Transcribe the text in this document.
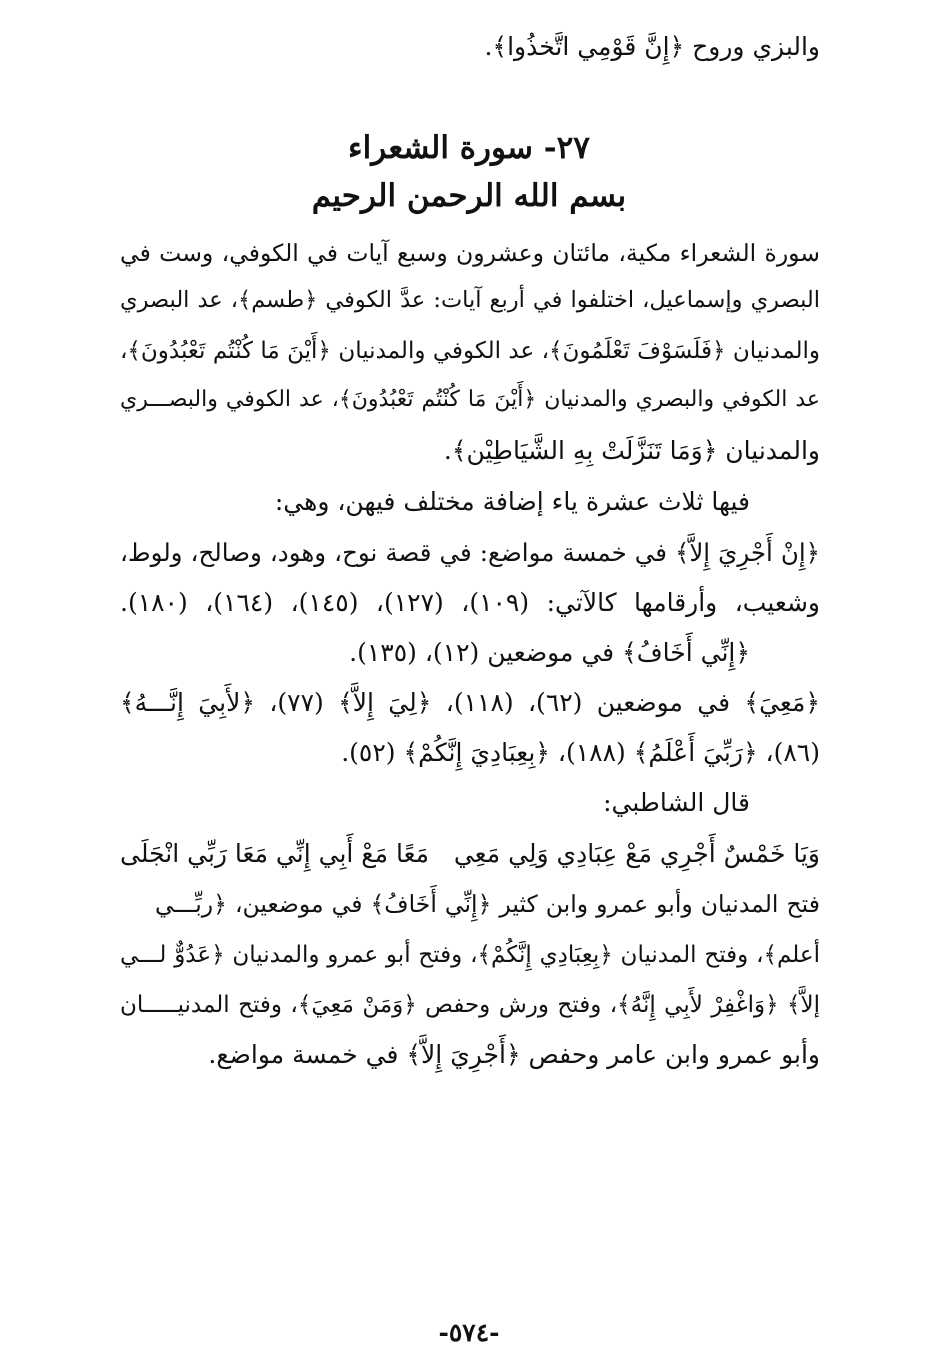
والبزي وروح ﴿إِنَّ قَوْمِي اتَّخذُوا﴾.
٢٧- سورة الشعراء
بسم الله الرحمن الرحيم
سورة الشعراء مكية، مائتان وعشرون وسبع آيات في الكوفي، وست في
البصري وإسماعيل، اختلفوا في أربع آيات: عدَّ الكوفي ﴿طسم﴾، عد البصري
والمدنيان ﴿فَلَسَوْفَ تَعْلَمُونَ﴾، عد الكوفي والمدنيان ﴿أَيْنَ مَا كُنْتُم تَعْبُدُونَ﴾،
عد الكوفي والبصري والمدنيان ﴿أَيْنَ مَا كُنْتُم تَعْبُدُونَ﴾، عد الكوفي والبصـــري
والمدنيان ﴿وَمَا تَنَزَّلَتْ بِهِ الشَّيَاطِيْن﴾.
فيها ثلاث عشرة ياء إضافة مختلف فيهن، وهي:
﴿إِنْ أَجْرِيَ إِلاَّ﴾ في خمسة مواضع: في قصة نوح، وهود، وصالح، ولوط،
وشعيب، وأرقامها كالآتي: (١٠٩)، (١٢٧)، (١٤٥)، (١٦٤)، (١٨٠).
﴿إِنِّي أَخَافُ﴾ في موضعين (١٢)، (١٣٥).
﴿مَعِيَ﴾ في موضعين (٦٢)، (١١٨)، ﴿لِيَ إِلاَّ﴾ (٧٧)، ﴿لأَبِيَ إِنَّـــهُ﴾
(٨٦)، ﴿رَبِّيَ أَعْلَمُ﴾ (١٨٨)، ﴿بِعِبَادِيَ إِنَّكُمْ﴾ (٥٢).
قال الشاطبي:
وَيَا خَمْسٌ أَجْرِي مَعْ عِبَادِي وَلِي مَعِي
مَعًا مَعْ أَبِي إِنِّي مَعَا رَبِّي انْجَلَى
فتح المدنيان وأبو عمرو وابن كثير ﴿إِنِّي أَخَافُ﴾ في موضعين، ﴿ربِّـــي
أعلم﴾، وفتح المدنيان ﴿بِعِبَادِي إِنَّكُمْ﴾، وفتح أبو عمرو والمدنيان ﴿عَدُوٌّ لـــي
إلاَّ﴾ ﴿وَاغْفِرْ لأَبِي إِنَّهُ﴾، وفتح ورش وحفص ﴿وَمَنْ مَعِيَ﴾، وفتح المدنيـــــان
وأبو عمرو وابن عامر وحفص ﴿أَجْرِيَ إِلاَّ﴾ في خمسة مواضع.
-٥٧٤-
